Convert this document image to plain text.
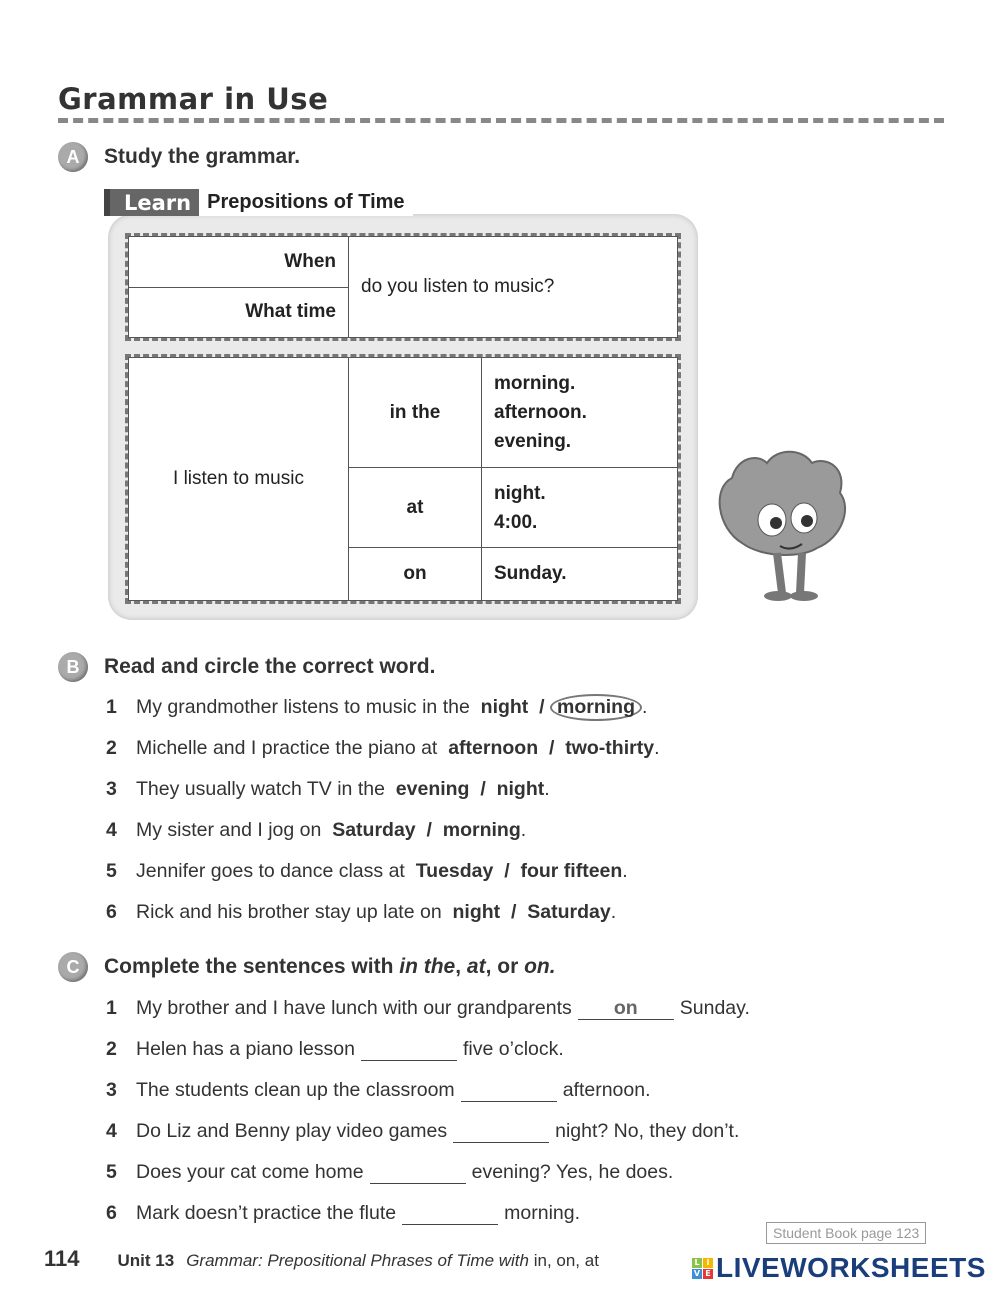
Grammar in Use
A	Study the grammar.
Learn Prepositions of Time
When	do you listen to music?
What time
I listen to music	in the	morning.
afternoon.
evening.

	at	night.
4:00.

	on	Sunday.
B	Read and circle the correct word.
1 My grandmother listens to music in the
night
/
morning .
2 Michelle and I practice the piano at
afternoon
/
two-thirty .
3 They usually watch TV in the
evening
/
night .
4 My sister and I jog on
Saturday
/
morning .
5 Jennifer goes to dance class at
Tuesday
/
four fifteen .
6 Rick and his brother stay up late on
night
/
Saturday .
C	Complete the sentences with in the , at , or on.
1 My brother and I have lunch with our grandparents	on	Sunday.
2 Helen has a piano lesson	five o’clock.
3 The students clean up the classroom	afternoon.
4 Do Liz and Benny play video games	night? No, they don’t.
5 Does your cat come home	evening? Yes, he does.
6 Mark doesn’t practice the flute	morning.
114 Unit 13 Grammar: Prepositional Phrases of Time with in, on, at
Student Book page 123
L I
V E LIVEWORKSHEETS
